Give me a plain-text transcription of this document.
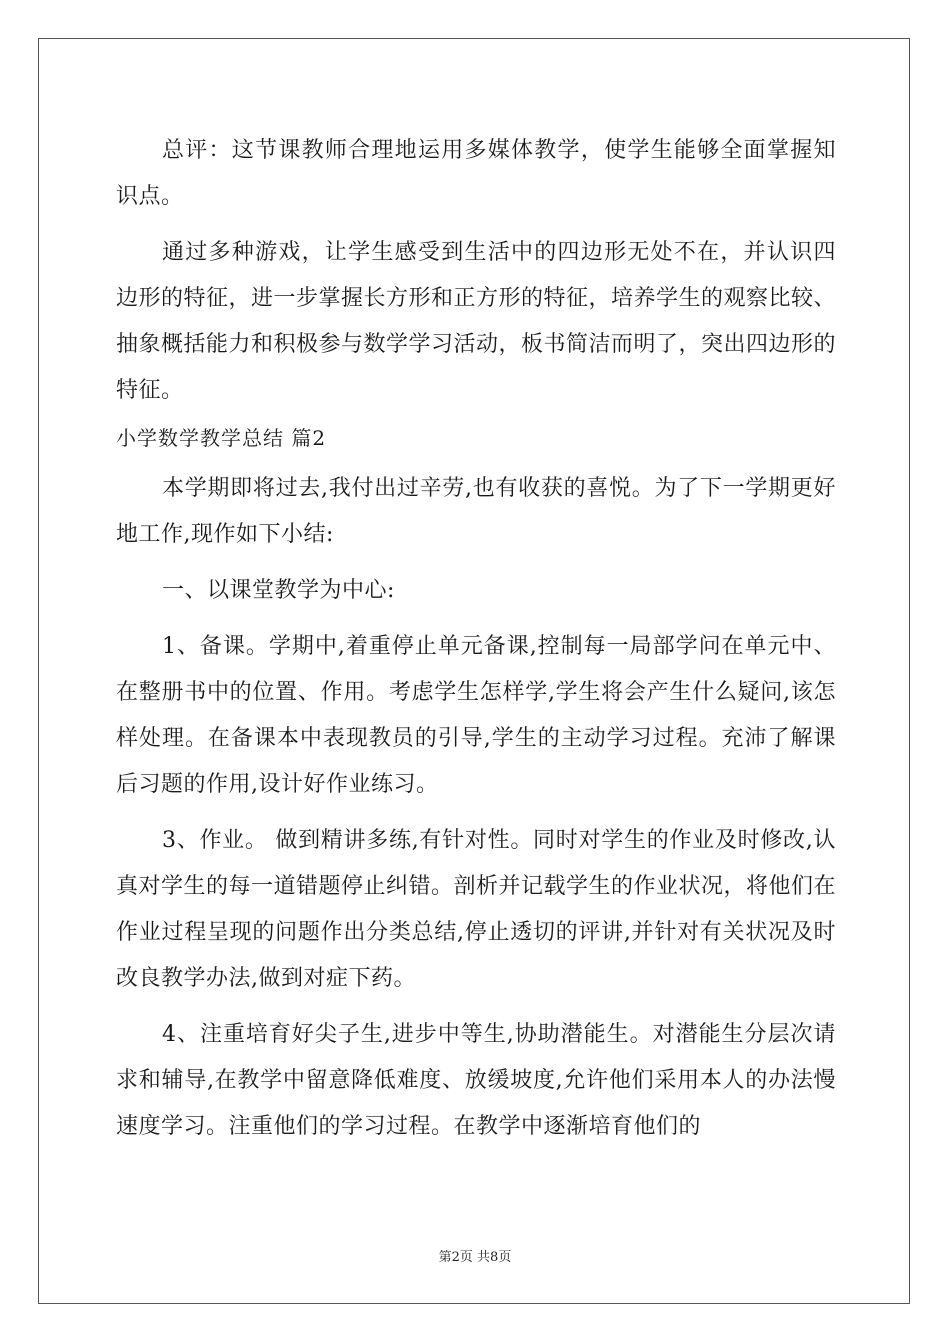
总评：这节课教师合理地运用多媒体教学，使学生能够全面掌握知识点。

通过多种游戏，让学生感受到生活中的四边形无处不在，并认识四边形的特征，进一步掌握长方形和正方形的特征，培养学生的观察比较、抽象概括能力和积极参与数学学习活动，板书简洁而明了，突出四边形的特征。

小学数学教学总结 篇2

本学期即将过去,我付出过辛劳,也有收获的喜悦。为了下一学期更好地工作,现作如下小结:

一、以课堂教学为中心:

1、备课。学期中,着重停止单元备课,控制每一局部学问在单元中、在整册书中的位置、作用。考虑学生怎样学,学生将会产生什么疑问,该怎样处理。在备课本中表现教员的引导,学生的主动学习过程。充沛了解课后习题的作用,设计好作业练习。

3、作业。 做到精讲多练,有针对性。同时对学生的作业及时修改,认真对学生的每一道错题停止纠错。剖析并记载学生的作业状况，将他们在作业过程呈现的问题作出分类总结,停止透切的评讲,并针对有关状况及时改良教学办法,做到对症下药。

4、注重培育好尖子生,进步中等生,协助潜能生。对潜能生分层次请求和辅导,在教学中留意降低难度、放缓坡度,允许他们采用本人的办法慢速度学习。注重他们的学习过程。在教学中逐渐培育他们的

第2页 共8页
